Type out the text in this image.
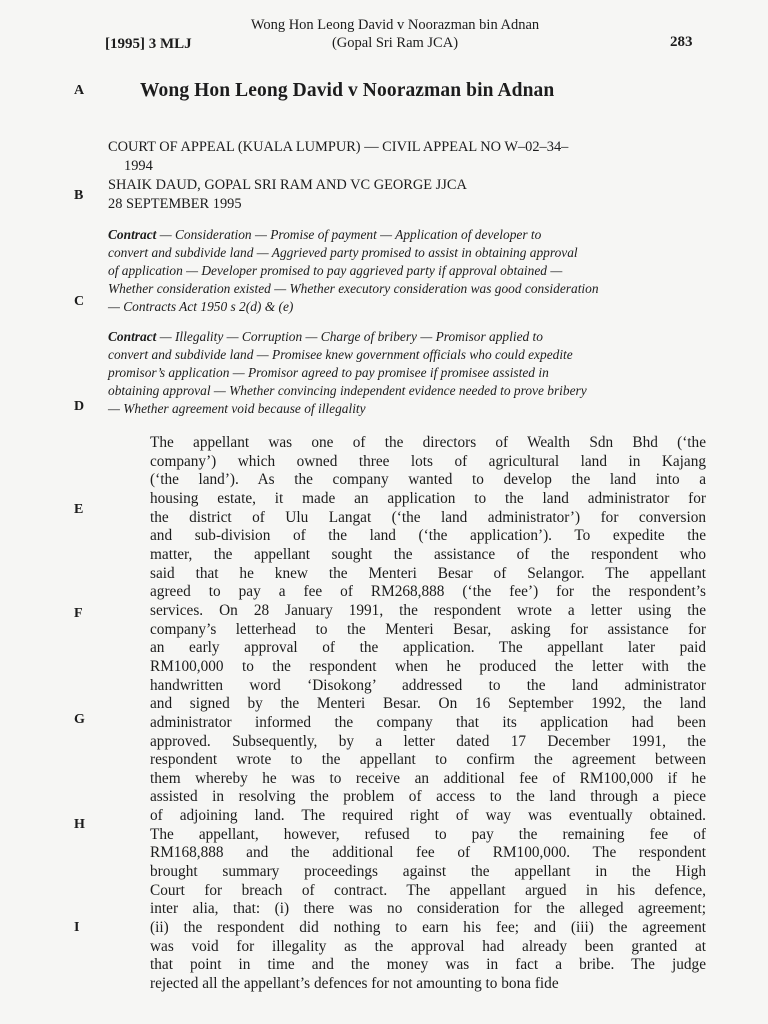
[1995] 3 MLJ
Wong Hon Leong David v Noorazman bin Adnan
(Gopal Sri Ram JCA)	283
Wong Hon Leong David v Noorazman bin Adnan
A
B
C
D
E
F
G
H
I
COURT OF APPEAL (KUALA LUMPUR) — CIVIL APPEAL NO W–02–34–
1994
SHAIK DAUD, GOPAL SRI RAM AND VC GEORGE JJCA
28 SEPTEMBER 1995
Contract — Consideration — Promise of payment — Application of developer to
convert and subdivide land — Aggrieved party promised to assist in obtaining approval
of application — Developer promised to pay aggrieved party if approval obtained —
Whether consideration existed — Whether executory consideration was good consideration
— Contracts Act 1950 s 2(d) & (e)
Contract — Illegality — Corruption — Charge of bribery — Promisor applied to
convert and subdivide land — Promisee knew government officials who could expedite
promisor’s application — Promisor agreed to pay promisee if promisee assisted in
obtaining approval — Whether convincing independent evidence needed to prove bribery
— Whether agreement void because of illegality
The appellant was one of the directors of Wealth Sdn Bhd (‘the
company’) which owned three lots of agricultural land in Kajang
(‘the land’). As the company wanted to develop the land into a
housing estate, it made an application to the land administrator for
the district of Ulu Langat (‘the land administrator’) for conversion
and sub-division of the land (‘the application’). To expedite the
matter, the appellant sought the assistance of the respondent who
said that he knew the Menteri Besar of Selangor. The appellant
agreed to pay a fee of RM268,888 (‘the fee’) for the respondent’s
services. On 28 January 1991, the respondent wrote a letter using the
company’s letterhead to the Menteri Besar, asking for assistance for
an early approval of the application. The appellant later paid
RM100,000 to the respondent when he produced the letter with the
handwritten word ‘Disokong’ addressed to the land administrator
and signed by the Menteri Besar. On 16 September 1992, the land
administrator informed the company that its application had been
approved. Subsequently, by a letter dated 17 December 1991, the
respondent wrote to the appellant to confirm the agreement between
them whereby he was to receive an additional fee of RM100,000 if he
assisted in resolving the problem of access to the land through a piece
of adjoining land. The required right of way was eventually obtained.
The appellant, however, refused to pay the remaining fee of
RM168,888 and the additional fee of RM100,000. The respondent
brought summary proceedings against the appellant in the High
Court for breach of contract. The appellant argued in his defence,
inter alia, that: (i) there was no consideration for the alleged agreement;
(ii) the respondent did nothing to earn his fee; and (iii) the agreement
was void for illegality as the approval had already been granted at
that point in time and the money was in fact a bribe. The judge
rejected all the appellant’s defences for not amounting to bona fide
